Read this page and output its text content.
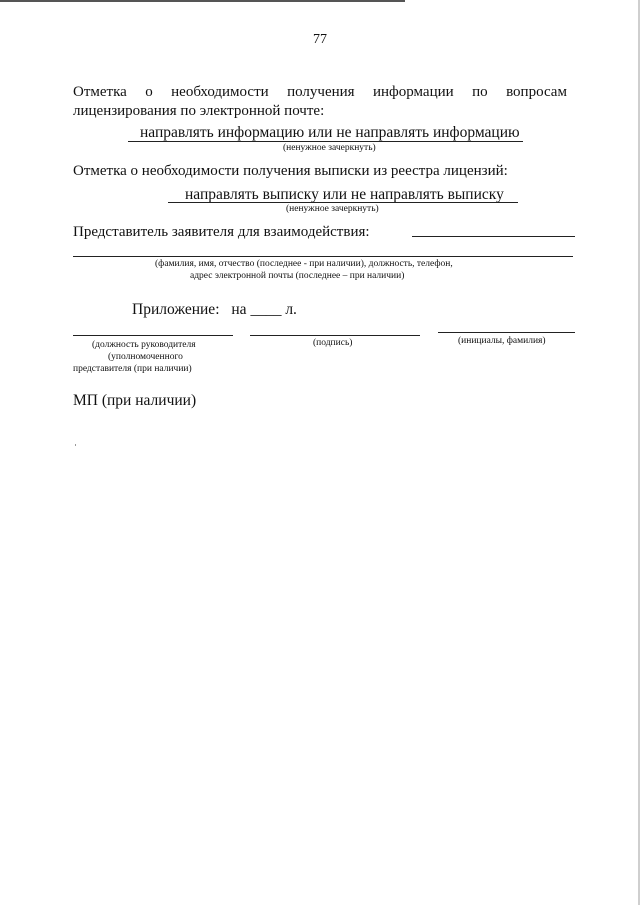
77
Отметка о необходимости получения информации по вопросам
лицензирования по электронной почте:
направлять информацию или не направлять информацию
(ненужное зачеркнуть)
Отметка о необходимости получения выписки из реестра лицензий:
направлять выписку или не направлять выписку
(ненужное зачеркнуть)
Представитель заявителя для взаимодействия:
(фамилия, имя, отчество (последнее - при наличии), должность, телефон,
адрес электронной почты (последнее – при наличии)
Приложение: на ____ л.
(должность руководителя
(уполномоченного
представителя (при наличии)
(подпись)	(инициалы, фамилия)
МП (при наличии)
